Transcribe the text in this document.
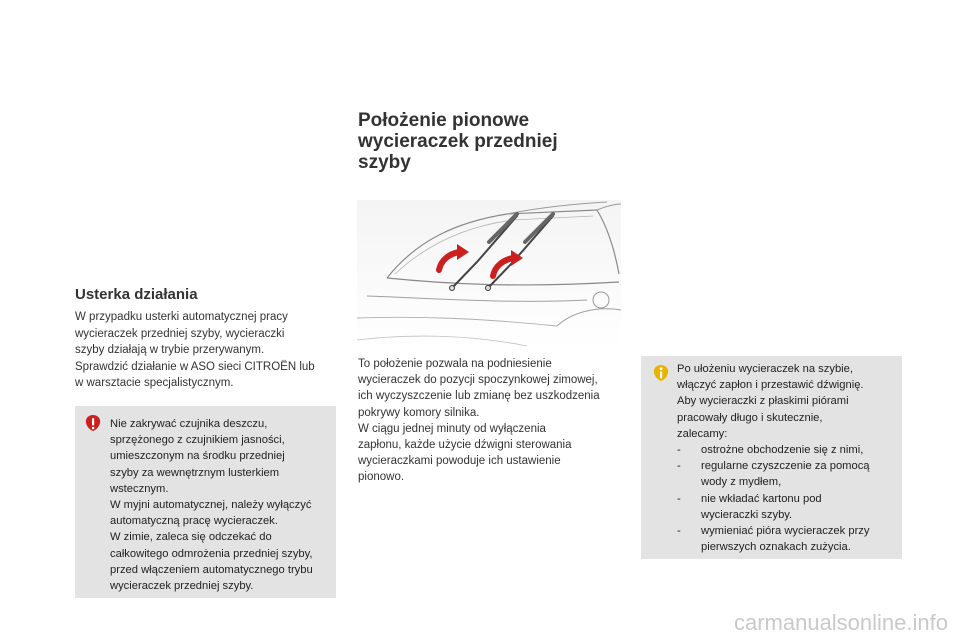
Usterka działania
W przypadku usterki automatycznej pracy
wycieraczek przedniej szyby, wycieraczki
szyby działają w trybie przerywanym.
Sprawdzić działanie w ASO sieci CITROËN lub
w warsztacie specjalistycznym.

Nie zakrywać czujnika deszczu,

sprzężonego z czujnikiem jasności,

umieszczonym na środku przedniej

szyby za wewnętrznym lusterkiem

wstecznym.

W myjni automatycznej, należy wyłączyć

automatyczną pracę wycieraczek.

W zimie, zaleca się odczekać do

całkowitego odmrożenia przedniej szyby,

przed włączeniem automatycznego trybu

wycieraczek przedniej szyby.

Położenie pionowe
wycieraczek przedniej
szyby
To położenie pozwala na podniesienie
wycieraczek do pozycji spoczynkowej zimowej,
ich wyczyszczenie lub zmianę bez uszkodzenia
pokrywy komory silnika.
W ciągu jednej minuty od wyłączenia
zapłonu, każde użycie dźwigni sterowania
wycieraczkami powoduje ich ustawienie
pionowo.

Po ułożeniu wycieraczek na szybie,

włączyć zapłon i przestawić dźwignię.

Aby wycieraczki z płaskimi piórami

pracowały długo i skutecznie,

zalecamy:

- ostrożne obchodzenie się z nimi,
- regularne czyszczenie za pomocą
wody z mydłem,
- nie wkładać kartonu pod
wycieraczki szyby.
- wymieniać pióra wycieraczek przy
pierwszych oznakach zużycia.
carmanualsonline.info
